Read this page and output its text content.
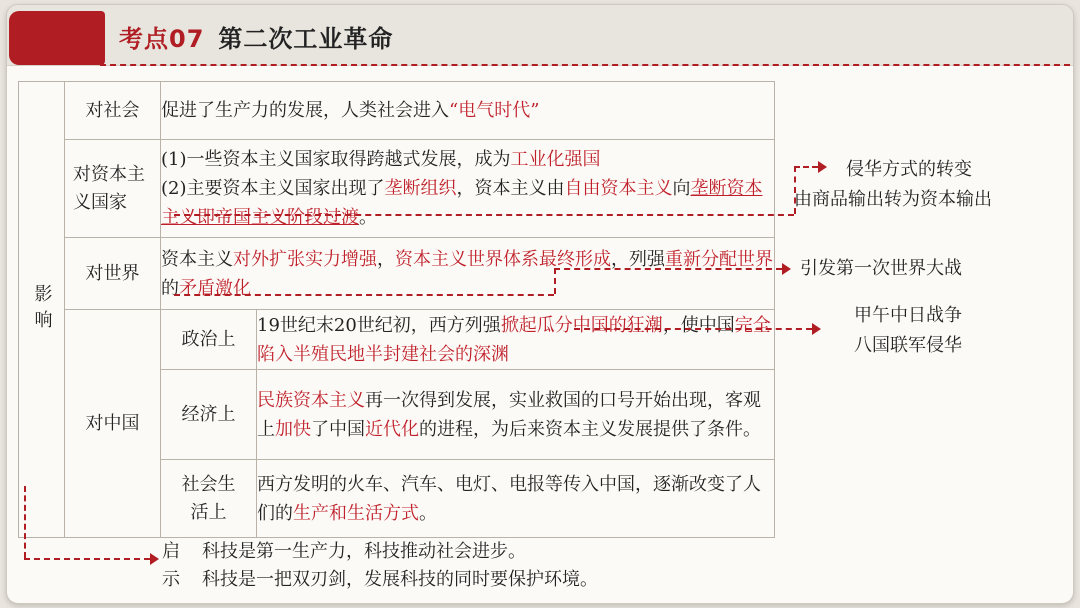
考点07 第二次工业革命
影响	对社会	促进了生产力的发展，人类社会进入“电气时代”	
	对资本主义国家	(1)一些资本主义国家取得跨越式发展，成为工业化强国
(2)主要资本主义国家出现了垄断组织，资本主义由自由资本主义向垄断资本主义即帝国主义阶段过渡。	
	对世界	资本主义对外扩张实力增强，资本主义世界体系最终形成，列强重新分配世界的矛盾激化	
	对中国	政治上	19世纪末20世纪初，西方列强掀起瓜分中国的狂潮，使中国完全陷入半殖民地半封建社会的深渊
		经济上	民族资本主义再一次得到发展，实业救国的口号开始出现，客观上加快了中国近代化的进程，为后来资本主义发展提供了条件。
		社会生活上	西方发明的火车、汽车、电灯、电报等传入中国，逐渐改变了人们的生产和生活方式。
侵华方式的转变
由商品输出转为资本输出
引发第一次世界大战
甲午中日战争
八国联军侵华
启 科技是第一生产力，科技推动社会进步。
示 科技是一把双刃剑，发展科技的同时要保护环境。
